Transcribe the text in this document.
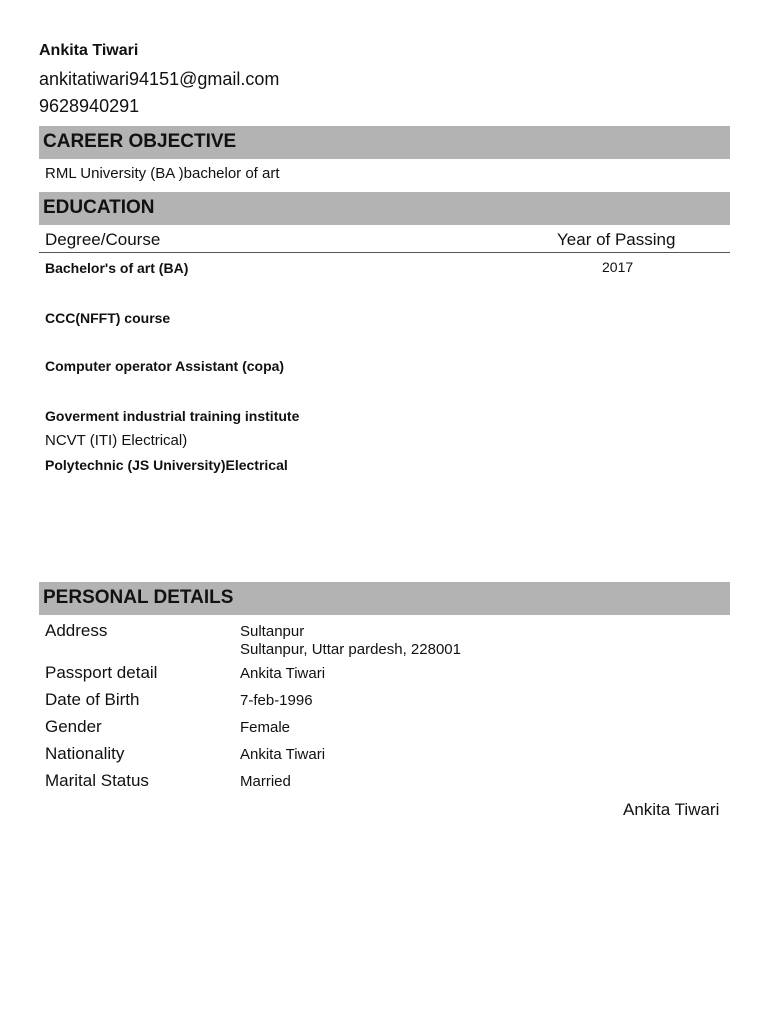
Ankita Tiwari
ankitatiwari94151@gmail.com
9628940291
CAREER OBJECTIVE
RML University (BA )bachelor of art
EDUCATION
Degree/Course	Year of Passing
Bachelor's of art (BA)	2017
CCC(NFFT) course
Computer operator Assistant (copa)
Goverment industrial training institute
NCVT (ITI) Electrical)
Polytechnic (JS University)Electrical
PERSONAL DETAILS
Address	Sultanpur
Sultanpur, Uttar pardesh, 228001
Passport detail	Ankita Tiwari
Date of Birth	7-feb-1996
Gender	Female
Nationality	Ankita Tiwari
Marital Status	Married
Ankita Tiwari
